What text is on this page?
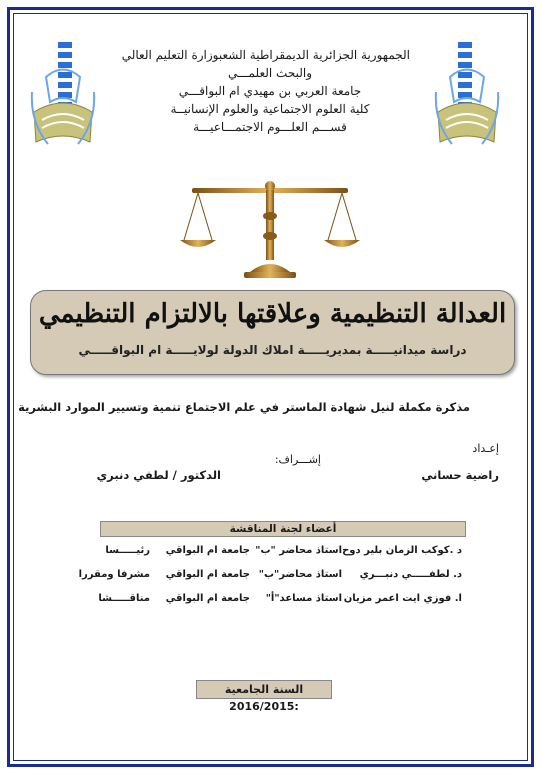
الجمهورية الجزائرية الديمقراطية الشعبوزارة التعليم العالي
والبحث العلمـــي
جامعة العربي بن مهيدي ام البواقـــي
كلية العلوم الاجتماعية والعلوم الإنسانيــة
قســـم العلـــوم الاجتمـــاعيـــة
العدالة التنظيمية وعلاقتها بالالتزام التنظيمي
دراسة ميدانيـــــة بمديريـــــة املاك الدولة لولايـــــة ام البواقـــــي
مذكرة مكملة لنيل شهادة الماستر في علم الاجتماع تنمية وتسيير الموارد البشرية
إعـداد
راضية حساني
إشـــراف:
الدكتور / لطفي دنبري
أعضاء لجنة المناقشة
د .كوكب الزمان بلير دوح
استاذ محاضر "ب"
جامعة ام البواقي
رئيـــــسا
د. لطفـــــي دنبـــري
استاذ محاضر"ب"
جامعة ام البواقي
مشرفا ومقررا
ا. فوزي ايت اعمر مزيان
استاذ مساعد"أ"
جامعة ام البواقي
مناقـــــشا
السنة الجامعية :2016/2015
